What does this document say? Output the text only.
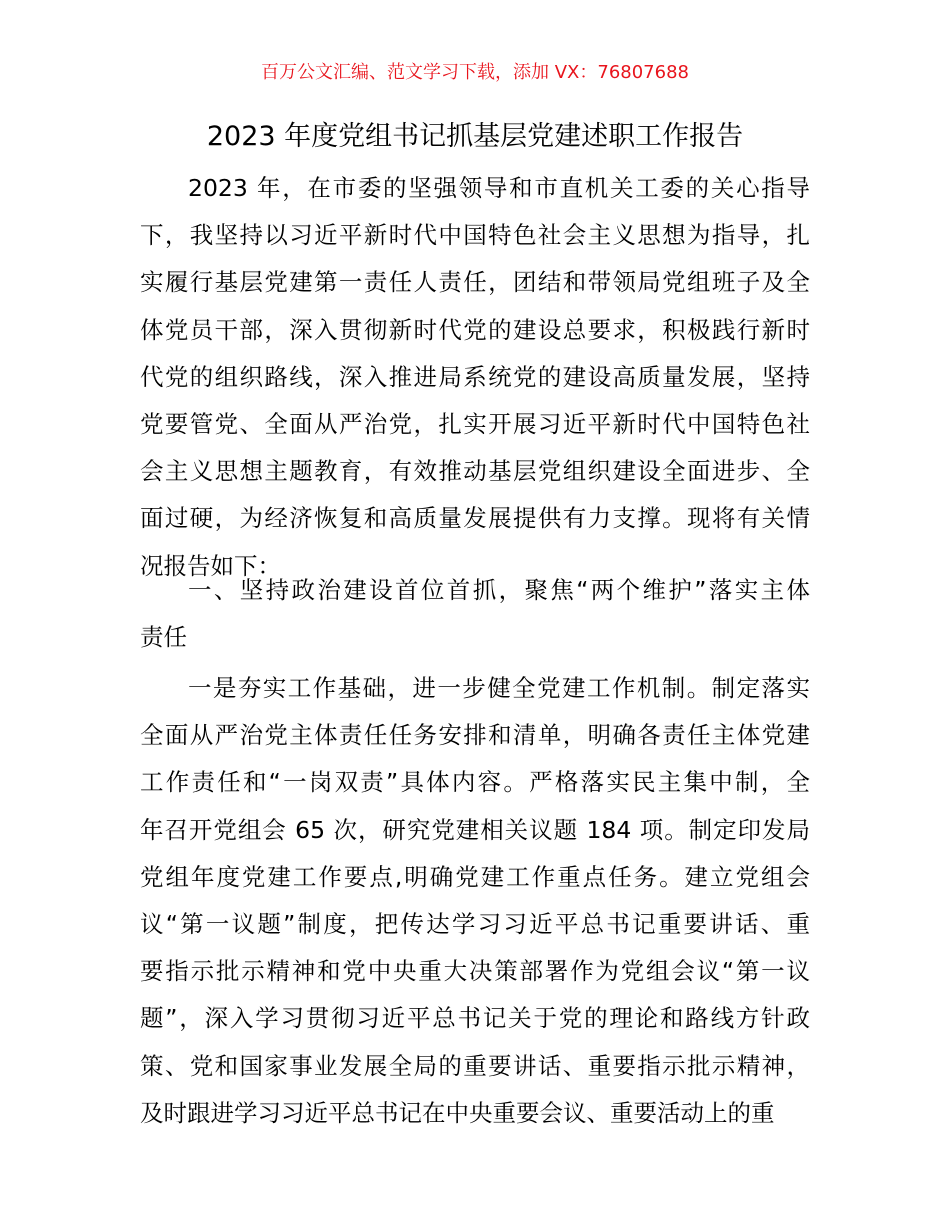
百万公文汇编、范文学习下载，添加 VX：76807688
2023 年度党组书记抓基层党建述职工作报告
2023 年，在市委的坚强领导和市直机关工委的关心指导
下，我坚持以习近平新时代中国特色社会主义思想为指导，扎
实履行基层党建第一责任人责任，团结和带领局党组班子及全
体党员干部，深入贯彻新时代党的建设总要求，积极践行新时
代党的组织路线，深入推进局系统党的建设高质量发展，坚持
党要管党、全面从严治党，扎实开展习近平新时代中国特色社
会主义思想主题教育，有效推动基层党组织建设全面进步、全
面过硬，为经济恢复和高质量发展提供有力支撑。现将有关情
况报告如下：
一、坚持政治建设首位首抓，聚焦“两个维护”落实主体
责任
一是夯实工作基础，进一步健全党建工作机制。制定落实
全面从严治党主体责任任务安排和清单，明确各责任主体党建
工作责任和“一岗双责”具体内容。严格落实民主集中制，全
年召开党组会 65 次，研究党建相关议题 184 项。制定印发局
党组年度党建工作要点,明确党建工作重点任务。建立党组会
议“第一议题”制度，把传达学习习近平总书记重要讲话、重
要指示批示精神和党中央重大决策部署作为党组会议“第一议
题”，深入学习贯彻习近平总书记关于党的理论和路线方针政
策、党和国家事业发展全局的重要讲话、重要指示批示精神，
及时跟进学习习近平总书记在中央重要会议、重要活动上的重
